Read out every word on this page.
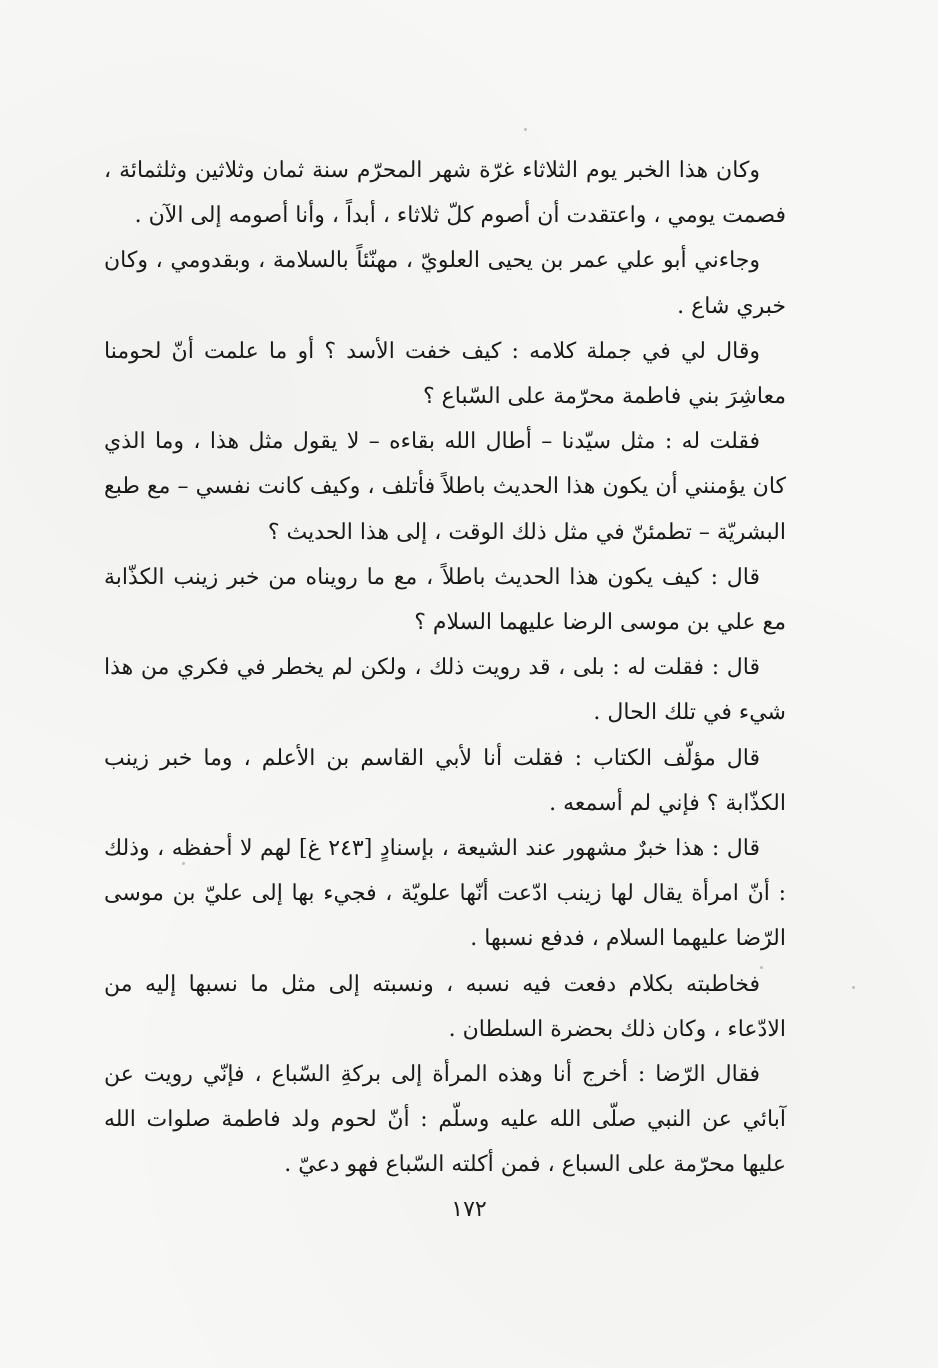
وكان هذا الخبر يوم الثلاثاء غرّة شهر المحرّم سنة ثمان وثلاثين وثلثمائة ، فصمت يومي ، واعتقدت أن أصوم كلّ ثلاثاء ، أبداً ، وأنا أصومه إلى الآن .

وجاءني أبو علي عمر بن يحيى العلويّ ، مهنّئاً بالسلامة ، وبقدومي ، وكان خبري شاع .

وقال لي في جملة كلامه : كيف خفت الأسد ؟ أو ما علمت أنّ لحومنا معاشِرَ بني فاطمة محرّمة على السّباع ؟

فقلت له : مثل سيّدنا – أطال الله بقاءه – لا يقول مثل هذا ، وما الذي كان يؤمنني أن يكون هذا الحديث باطلاً فأتلف ، وكيف كانت نفسي – مع طبع البشريّة – تطمئنّ في مثل ذلك الوقت ، إلى هذا الحديث ؟

قال : كيف يكون هذا الحديث باطلاً ، مع ما رويناه من خبر زينب الكذّابة مع علي بن موسى الرضا عليهما السلام ؟

قال : فقلت له : بلى ، قد رويت ذلك ، ولكن لم يخطر في فكري من هذا شيء في تلك الحال .

قال مؤلّف الكتاب : فقلت أنا لأبي القاسم بن الأعلم ، وما خبر زينب الكذّابة ؟ فإني لم أسمعه .

قال : هذا خبرٌ مشهور عند الشيعة ، بإسنادٍ [٢٤٣ غ] لهم لا أحفظه ، وذلك : أنّ امرأة يقال لها زينب ادّعت أنّها علويّة ، فجيء بها إلى عليّ بن موسى الرّضا عليهما السلام ، فدفع نسبها .

فخاطبته بكلام دفعت فيه نسبه ، ونسبته إلى مثل ما نسبها إليه من الادّعاء ، وكان ذلك بحضرة السلطان .

فقال الرّضا : أخرج أنا وهذه المرأة إلى بركةِ السّباع ، فإنّي رويت عن آبائي عن النبي صلّى الله عليه وسلّم : أنّ لحوم ولد فاطمة صلوات الله عليها محرّمة على السباع ، فمن أكلته السّباع فهو دعيّ .

١٧٢
